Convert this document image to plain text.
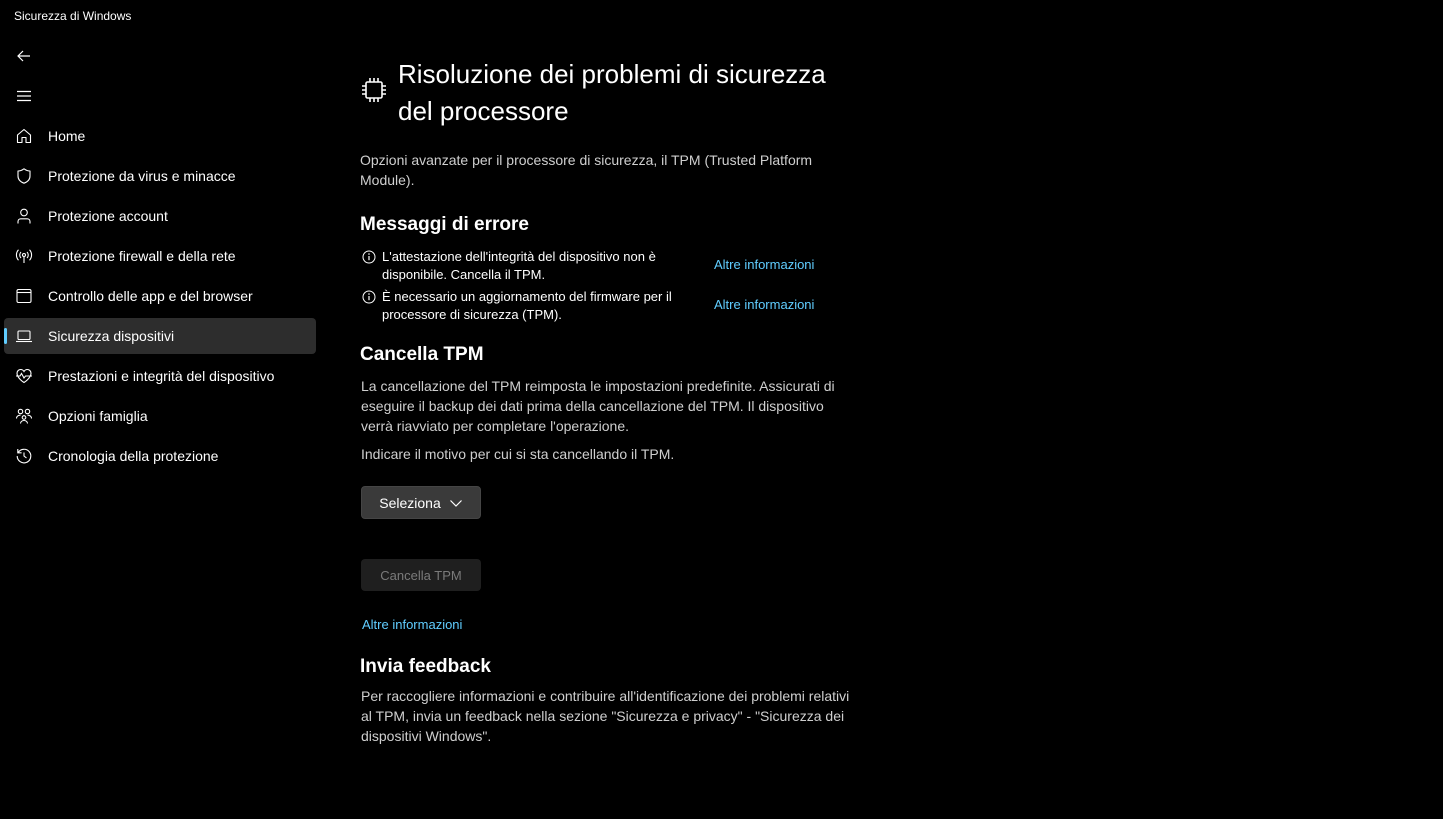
Sicurezza di Windows
Home
Protezione da virus e minacce
Protezione account
Protezione firewall e della rete
Controllo delle app e del browser
Sicurezza dispositivi
Prestazioni e integrità del dispositivo
Opzioni famiglia
Cronologia della protezione
Risoluzione dei problemi di sicurezza del processore
Opzioni avanzate per il processore di sicurezza, il TPM (Trusted Platform Module).
Messaggi di errore
L'attestazione dell'integrità del dispositivo non è disponibile. Cancella il TPM.
Altre informazioni
È necessario un aggiornamento del firmware per il processore di sicurezza (TPM).
Altre informazioni
Cancella TPM
La cancellazione del TPM reimposta le impostazioni predefinite. Assicurati di eseguire il backup dei dati prima della cancellazione del TPM. Il dispositivo verrà riavviato per completare l'operazione.
Indicare il motivo per cui si sta cancellando il TPM.
Seleziona
Cancella TPM
Altre informazioni
Invia feedback
Per raccogliere informazioni e contribuire all'identificazione dei problemi relativi al TPM, invia un feedback nella sezione "Sicurezza e privacy" - "Sicurezza dei dispositivi Windows".
